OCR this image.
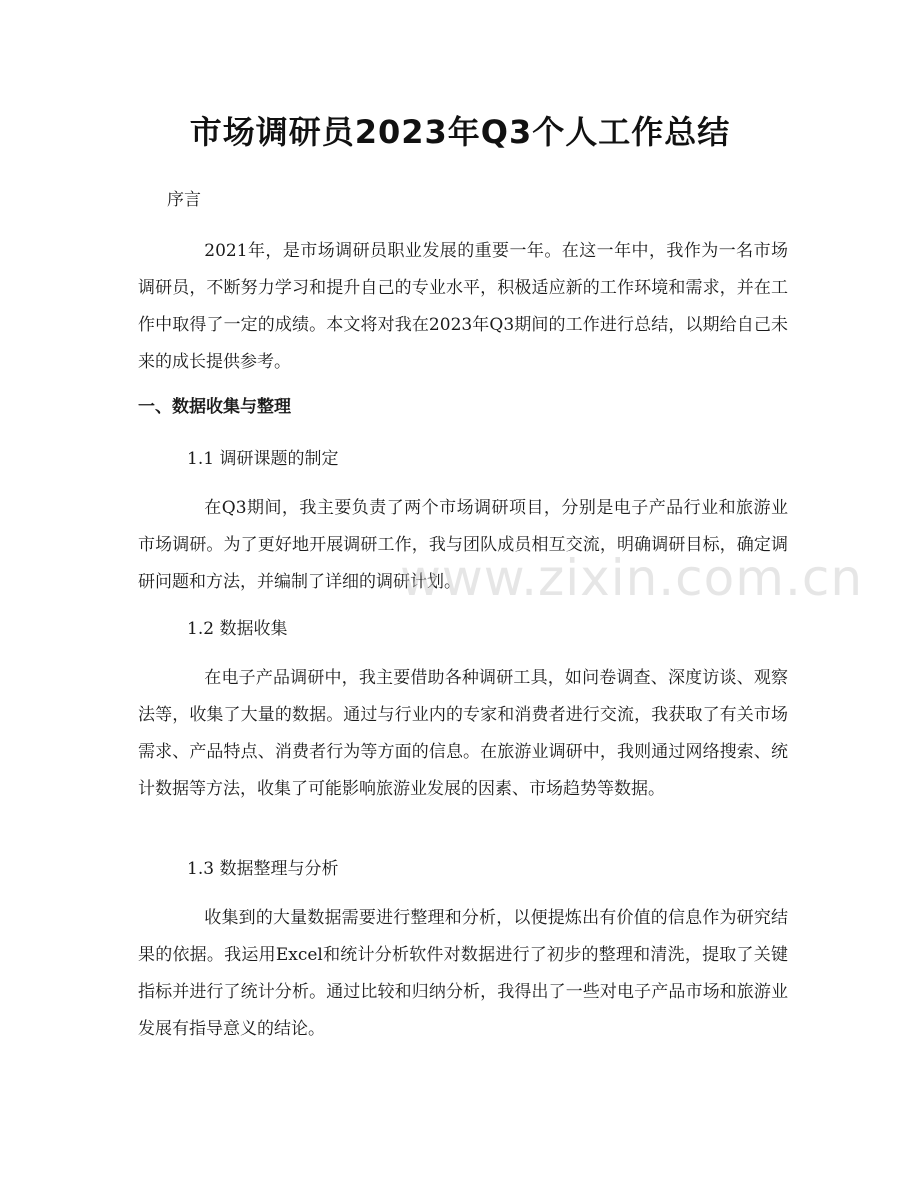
市场调研员2023年Q3个人工作总结
序言
2021年，是市场调研员职业发展的重要一年。在这一年中，我作为一名市场调研员，不断努力学习和提升自己的专业水平，积极适应新的工作环境和需求，并在工作中取得了一定的成绩。本文将对我在2023年Q3期间的工作进行总结，以期给自己未来的成长提供参考。
一、数据收集与整理
1.1 调研课题的制定
在Q3期间，我主要负责了两个市场调研项目，分别是电子产品行业和旅游业市场调研。为了更好地开展调研工作，我与团队成员相互交流，明确调研目标，确定调研问题和方法，并编制了详细的调研计划。
1.2 数据收集
在电子产品调研中，我主要借助各种调研工具，如问卷调查、深度访谈、观察法等，收集了大量的数据。通过与行业内的专家和消费者进行交流，我获取了有关市场需求、产品特点、消费者行为等方面的信息。在旅游业调研中，我则通过网络搜索、统计数据等方法，收集了可能影响旅游业发展的因素、市场趋势等数据。
1.3 数据整理与分析
收集到的大量数据需要进行整理和分析，以便提炼出有价值的信息作为研究结果的依据。我运用Excel和统计分析软件对数据进行了初步的整理和清洗，提取了关键指标并进行了统计分析。通过比较和归纳分析，我得出了一些对电子产品市场和旅游业发展有指导意义的结论。
www.zixin.com.cn
